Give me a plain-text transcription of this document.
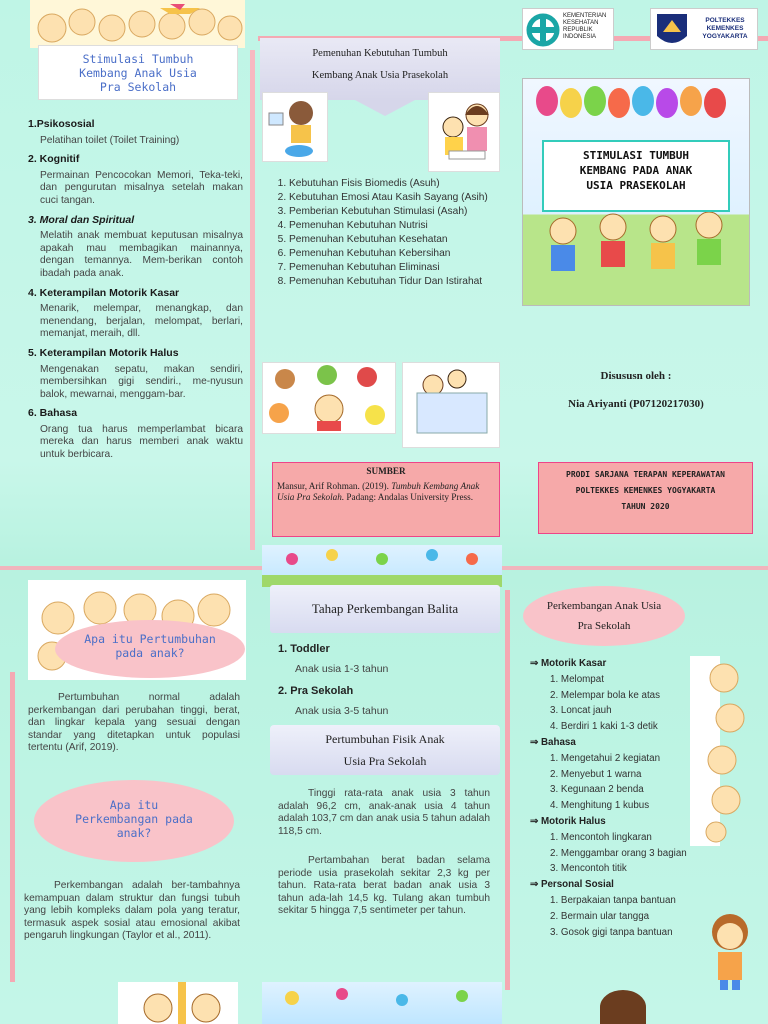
Stimulasi Tumbuh
Kembang Anak Usia
Pra Sekolah
1.Psikososial
Pelatihan toilet (Toilet Training)
2. Kognitif
Permainan Pencocokan Memori, Teka-teki, dan pengurutan misalnya setelah makan cuci tangan.
3. Moral dan Spiritual
Melatih anak membuat keputusan misalnya apakah mau membagikan mainannya, dengan temannya. Mem-berikan contoh ibadah pada anak.
4. Keterampilan Motorik Kasar
Menarik, melempar, menangkap, dan menendang, berjalan, melompat, berlari, memanjat, meraih, dll.
5. Keterampilan Motorik Halus
Mengenakan sepatu, makan sendiri, membersihkan gigi sendiri., me-nyusun balok, mewarnai, menggam-bar.
6. Bahasa
Orang tua harus memperlambat bicara mereka dan harus memberi anak waktu untuk berbicara.
Pemenuhan Kebutuhan Tumbuh
Kembang Anak Usia Prasekolah
1. Kebutuhan Fisis Biomedis (Asuh)
2. Kebutuhan Emosi Atau Kasih Sayang (Asih)
3. Pemberian Kebutuhan Stimulasi (Asah)
4. Pemenuhan Kebutuhan Nutrisi
5. Pemenuhan Kebutuhan Kesehatan
6. Pemenuhan Kebutuhan Kebersihan
7. Pemenuhan Kebutuhan Eliminasi
8. Pemenuhan Kebutuhan Tidur Dan Istirahat
SUMBER
Mansur, Arif Rohman. (2019). Tumbuh Kembang Anak Usia Pra Sekolah. Padang: Andalas University Press.
KEMENTERIAN
KESEHATAN
REPUBLIK
INDONESIA
POLTEKKES
KEMENKES
YOGYAKARTA
STIMULASI TUMBUH
KEMBANG PADA ANAK
USIA PRASEKOLAH
Disususn oleh :
Nia Ariyanti (P07120217030)
PRODI SARJANA TERAPAN KEPERAWATAN
POLTEKKES KEMENKES YOGYAKARTA
TAHUN 2020
Apa itu Pertumbuhan
pada anak?
Pertumbuhan normal adalah perkembangan dari perubahan tinggi, berat, dan lingkar kepala yang sesuai dengan standar yang ditetapkan untuk populasi tertentu (Arif, 2019).
Apa itu
Perkembangan pada
anak?
Perkembangan adalah ber-tambahnya kemampuan dalam struktur dan fungsi tubuh yang lebih kompleks dalam pola yang teratur, termasuk aspek sosial atau emosional akibat pengaruh lingkungan (Taylor et al., 2011).
Tahap Perkembangan Balita
1. Toddler
Anak usia 1-3 tahun
2. Pra Sekolah
Anak usia 3-5 tahun
Pertumbuhan Fisik Anak
Usia Pra Sekolah
Tinggi rata-rata anak usia 3 tahun adalah 96,2 cm, anak-anak usia 4 tahun adalah 103,7 cm dan anak usia 5 tahun adalah 118,5 cm.
Pertambahan berat badan selama periode usia prasekolah sekitar 2,3 kg per tahun. Rata-rata berat badan anak usia 3 tahun ada-lah 14,5 kg. Tulang akan tumbuh sekitar 5 hingga 7,5 sentimeter per tahun.
Perkembangan Anak Usia
Pra Sekolah
⇒ Motorik Kasar
1. Melompat
2. Melempar bola ke atas
3. Loncat jauh
4. Berdiri 1 kaki 1-3 detik
⇒ Bahasa
1. Mengetahui 2 kegiatan
2. Menyebut 1 warna
3. Kegunaan 2 benda
4. Menghitung 1 kubus
⇒ Motorik Halus
1. Mencontoh lingkaran
2. Menggambar orang 3 bagian
3. Mencontoh titik
⇒ Personal Sosial
1. Berpakaian tanpa bantuan
2. Bermain ular tangga
3. Gosok gigi tanpa bantuan
